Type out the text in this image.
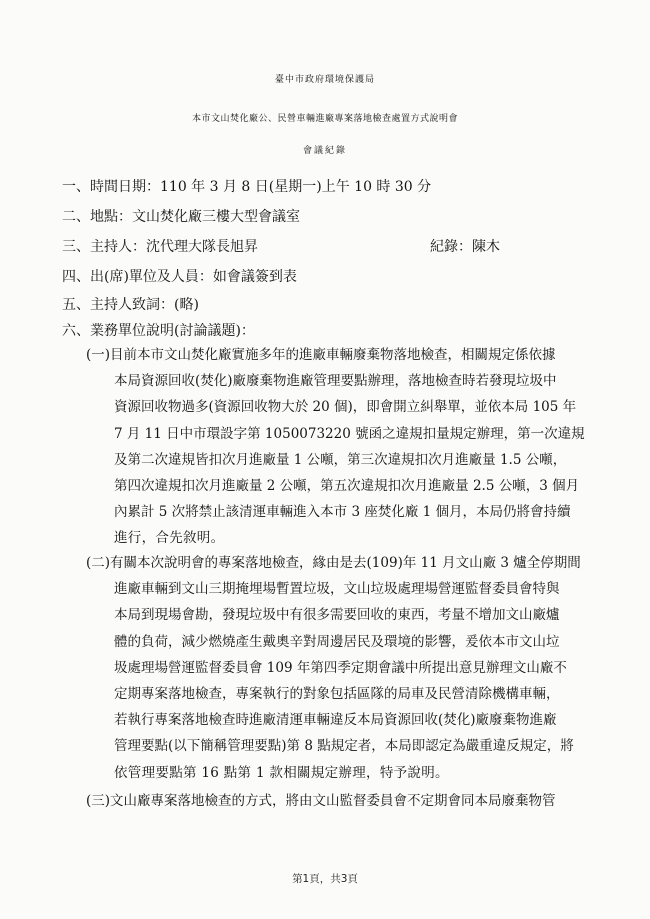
臺中市政府環境保護局
本市文山焚化廠公、民營車輛進廠專案落地檢查處置方式說明會
會議紀錄
一、時間日期：110 年 3 月 8 日(星期一)上午 10 時 30 分
二、地點：文山焚化廠三樓大型會議室
三、主持人：沈代理大隊長旭昇	紀錄：陳木
四、出(席)單位及人員：如會議簽到表
五、主持人致詞：(略)
六、業務單位說明(討論議題)：
(一)目前本市文山焚化廠實施多年的進廠車輛廢棄物落地檢查，相關規定係依據
本局資源回收(焚化)廠廢棄物進廠管理要點辦理，落地檢查時若發現垃圾中
資源回收物過多(資源回收物大於 20 個)，即會開立糾舉單，並依本局 105 年
7 月 11 日中市環設字第 1050073220 號函之違規扣量規定辦理，第一次違規
及第二次違規皆扣次月進廠量 1 公噸，第三次違規扣次月進廠量 1.5 公噸，
第四次違規扣次月進廠量 2 公噸，第五次違規扣次月進廠量 2.5 公噸，3 個月
內累計 5 次將禁止該清運車輛進入本市 3 座焚化廠 1 個月，本局仍將會持續
進行，合先敘明。
(二)有關本次說明會的專案落地檢查，緣由是去(109)年 11 月文山廠 3 爐全停期間
進廠車輛到文山三期掩埋場暫置垃圾，文山垃圾處理場營運監督委員會特與
本局到現場會勘，發現垃圾中有很多需要回收的東西，考量不增加文山廠爐
體的負荷，減少燃燒產生戴奧辛對周邊居民及環境的影響，爰依本市文山垃
圾處理場營運監督委員會 109 年第四季定期會議中所提出意見辦理文山廠不
定期專案落地檢查，專案執行的對象包括區隊的局車及民營清除機構車輛，
若執行專案落地檢查時進廠清運車輛違反本局資源回收(焚化)廠廢棄物進廠
管理要點(以下簡稱管理要點)第 8 點規定者，本局即認定為嚴重違反規定，將
依管理要點第 16 點第 1 款相關規定辦理，特予說明。
(三)文山廠專案落地檢查的方式，將由文山監督委員會不定期會同本局廢棄物管
第1頁，共3頁
